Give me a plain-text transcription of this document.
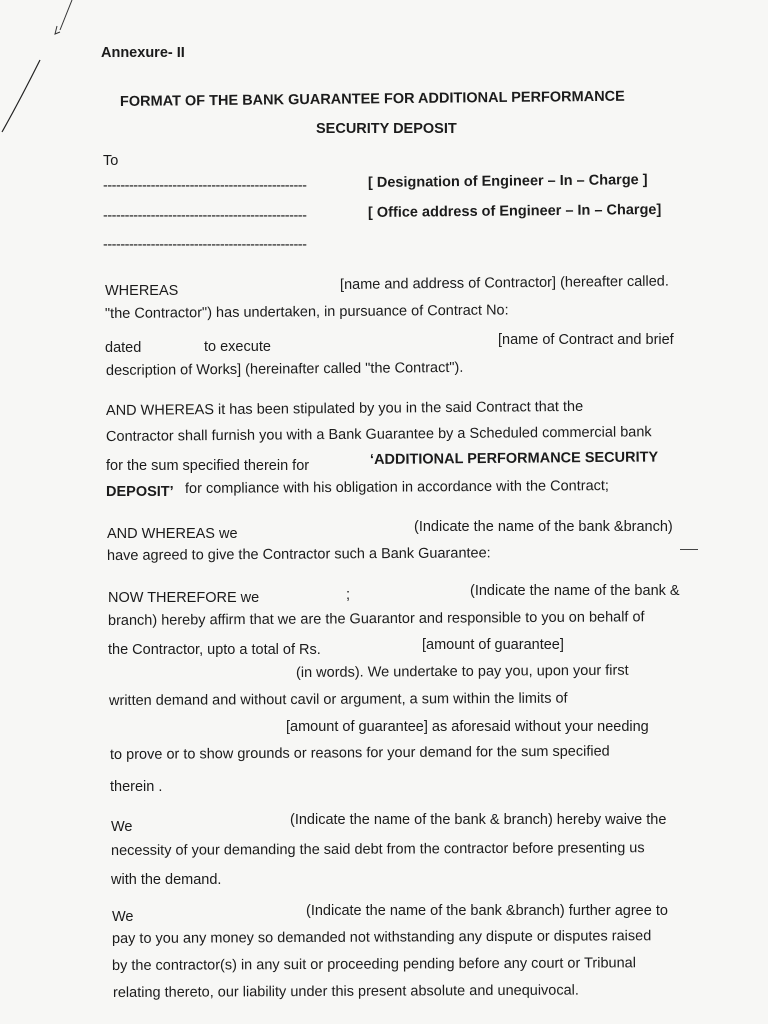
Annexure- II
FORMAT OF THE BANK GUARANTEE FOR ADDITIONAL PERFORMANCE
SECURITY DEPOSIT
To
-----------------------------------------------	[ Designation of Engineer – In – Charge ]
-----------------------------------------------	[ Office address of Engineer – In – Charge]
-----------------------------------------------
WHEREAS	[name and address of Contractor] (hereafter called.
"the Contractor") has undertaken, in pursuance of Contract No:
dated	to execute	[name of Contract and brief
description of Works] (hereinafter called "the Contract").
AND WHEREAS it has been stipulated by you in the said Contract that the
Contractor shall furnish you with a Bank Guarantee by a Scheduled commercial bank
for the sum specified therein for	‘ADDITIONAL PERFORMANCE SECURITY
DEPOSIT’ for compliance with his obligation in accordance with the Contract;
AND WHEREAS we	(Indicate the name of the bank &branch)
have agreed to give the Contractor such a Bank Guarantee:
NOW THEREFORE we	;	(Indicate the name of the bank &
branch) hereby affirm that we are the Guarantor and responsible to you on behalf of
the Contractor, upto a total of Rs.	[amount of guarantee]
(in words). We undertake to pay you, upon your first
written demand and without cavil or argument, a sum within the limits of
[amount of guarantee] as aforesaid without your needing
to prove or to show grounds or reasons for your demand for the sum specified
therein .
We	(Indicate the name of the bank & branch) hereby waive the
necessity of your demanding the said debt from the contractor before presenting us
with the demand.
We	(Indicate the name of the bank &branch) further agree to
pay to you any money so demanded not withstanding any dispute or disputes raised
by the contractor(s) in any suit or proceeding pending before any court or Tribunal
relating thereto, our liability under this present absolute and unequivocal.
